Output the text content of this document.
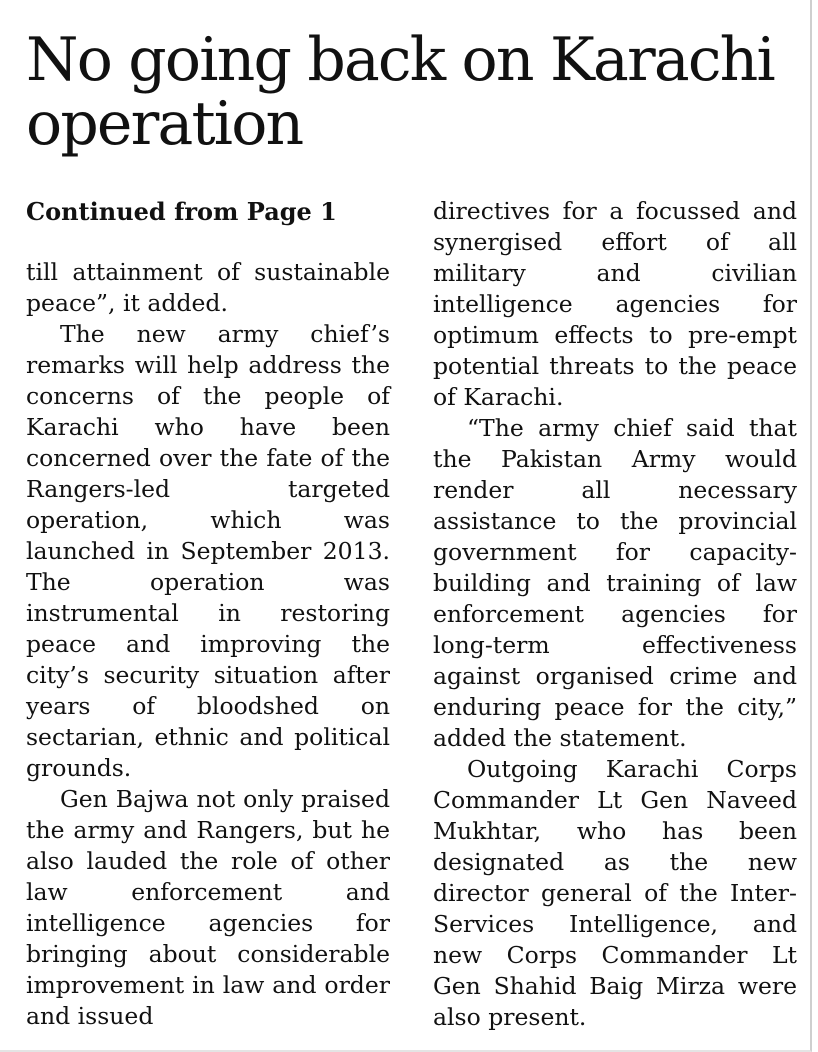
No going back on Karachi operation
Continued from Page 1

till attainment of sustainable peace”, it added.

The new army chief’s remarks will help address the concerns of the people of Karachi who have been concerned over the fate of the Rangers-led targeted operation, which was launched in September 2013. The operation was instrumental in restoring peace and improving the city’s security situation after years of bloodshed on sectarian, ethnic and political grounds.

Gen Bajwa not only praised the army and Rangers, but he also lauded the role of other law enforcement and intelligence agencies for bringing about considerable improvement in law and order and issued

directives for a focussed and synergised effort of all military and civilian intelligence agencies for optimum effects to pre-empt potential threats to the peace of Karachi.

“The army chief said that the Pakistan Army would render all necessary assistance to the provincial government for capacity-building and training of law enforcement agencies for long-term effectiveness against organised crime and enduring peace for the city,” added the statement.

Outgoing Karachi Corps Commander Lt Gen Naveed Mukhtar, who has been designated as the new director general of the Inter-Services Intelligence, and new Corps Commander Lt Gen Shahid Baig Mirza were also present.
